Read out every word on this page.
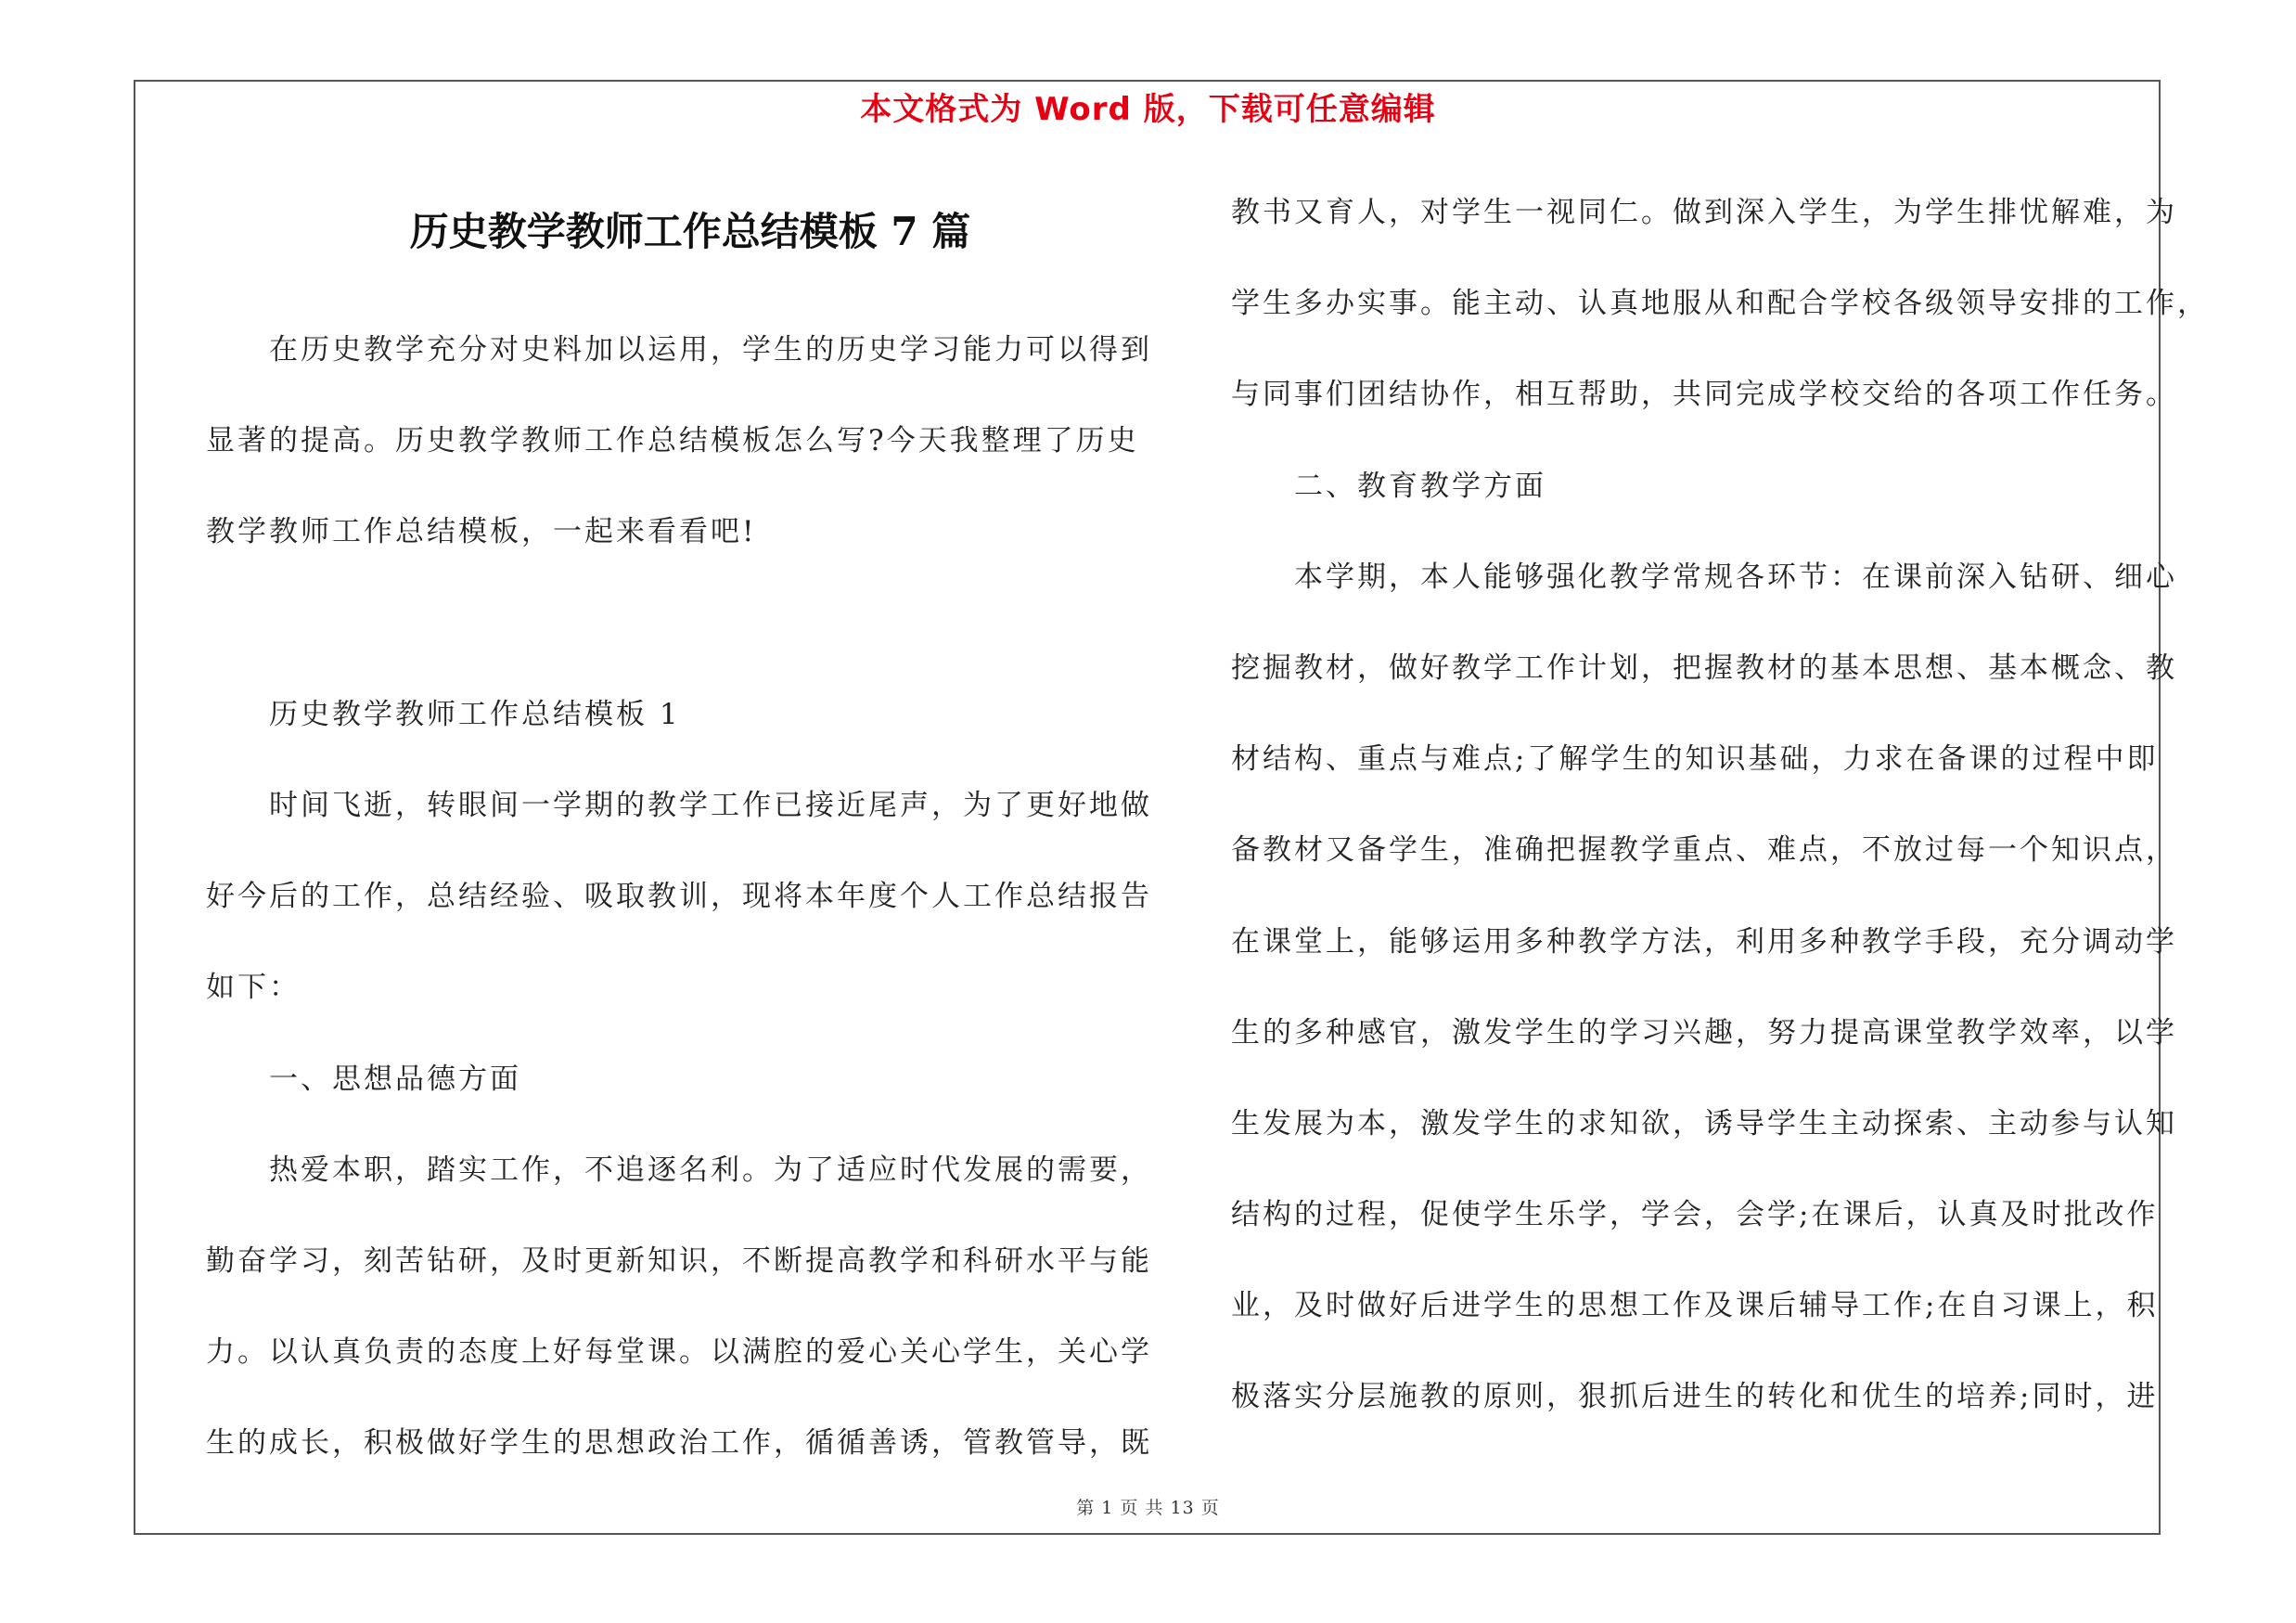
本文格式为 Word 版，下载可任意编辑
历史教学教师工作总结模板 7 篇
在历史教学充分对史料加以运用，学生的历史学习能力可以得到
显著的提高。历史教学教师工作总结模板怎么写?今天我整理了历史
教学教师工作总结模板，一起来看看吧!
历史教学教师工作总结模板 1
时间飞逝，转眼间一学期的教学工作已接近尾声，为了更好地做
好今后的工作，总结经验、吸取教训，现将本年度个人工作总结报告
如下：
一、思想品德方面
热爱本职，踏实工作，不追逐名利。为了适应时代发展的需要，
勤奋学习，刻苦钻研，及时更新知识，不断提高教学和科研水平与能
力。以认真负责的态度上好每堂课。以满腔的爱心关心学生，关心学
生的成长，积极做好学生的思想政治工作，循循善诱，管教管导，既
教书又育人，对学生一视同仁。做到深入学生，为学生排忧解难，为
学生多办实事。能主动、认真地服从和配合学校各级领导安排的工作，
与同事们团结协作，相互帮助，共同完成学校交给的各项工作任务。
二、教育教学方面
本学期，本人能够强化教学常规各环节：在课前深入钻研、细心
挖掘教材，做好教学工作计划，把握教材的基本思想、基本概念、教
材结构、重点与难点;了解学生的知识基础，力求在备课的过程中即
备教材又备学生，准确把握教学重点、难点，不放过每一个知识点，
在课堂上，能够运用多种教学方法，利用多种教学手段，充分调动学
生的多种感官，激发学生的学习兴趣，努力提高课堂教学效率，以学
生发展为本，激发学生的求知欲，诱导学生主动探索、主动参与认知
结构的过程，促使学生乐学，学会，会学;在课后，认真及时批改作
业，及时做好后进学生的思想工作及课后辅导工作;在自习课上，积
极落实分层施教的原则，狠抓后进生的转化和优生的培养;同时，进
第 1 页 共 13 页
